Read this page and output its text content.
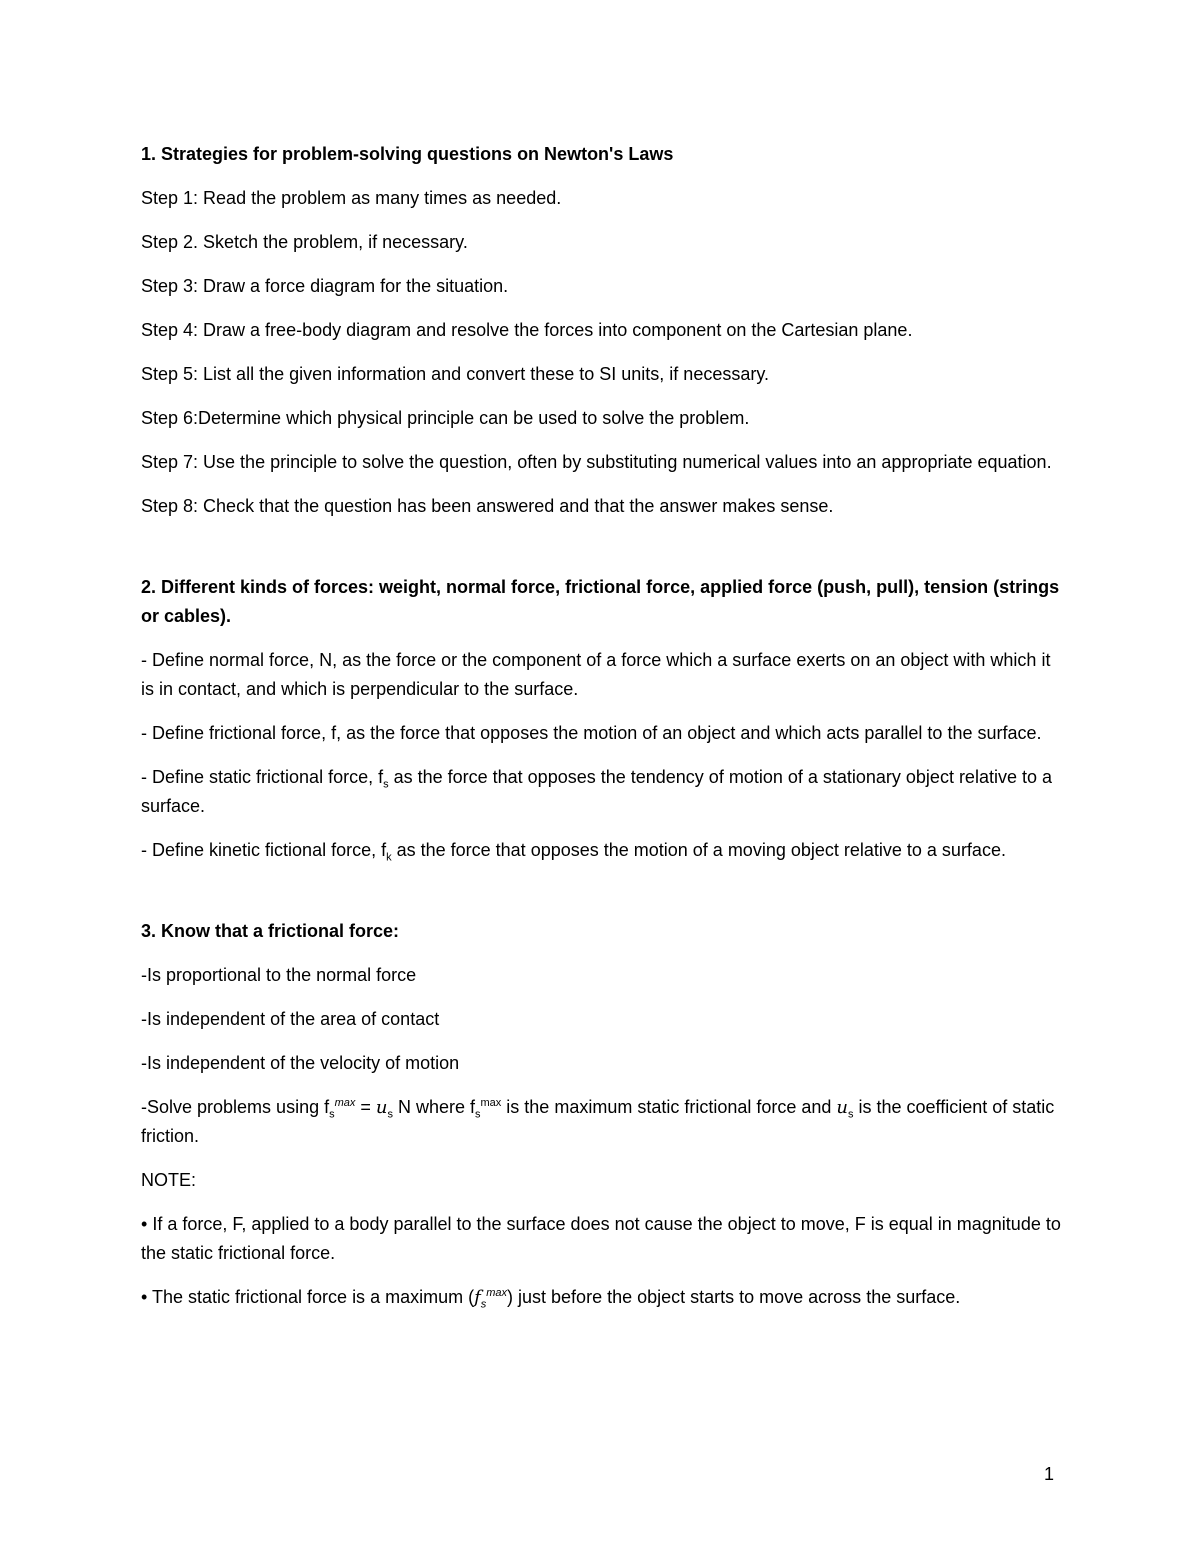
1. Strategies for problem-solving questions on Newton's Laws
Step 1: Read the problem as many times as needed.
Step 2. Sketch the problem, if necessary.
Step 3: Draw a force diagram for the situation.
Step 4: Draw a free-body diagram and resolve the forces into component on the Cartesian plane.
Step 5: List all the given information and convert these to SI units, if necessary.
Step 6:Determine which physical principle can be used to solve the problem.
Step 7: Use the principle to solve the question, often by substituting numerical values into an appropriate equation.
Step 8: Check that the question has been answered and that the answer makes sense.
2. Different kinds of forces: weight, normal force, frictional force, applied force (push, pull), tension (strings or cables).
- Define normal force, N, as the force or the component of a force which a surface exerts on an object with which it is in contact, and which is perpendicular to the surface.
- Define frictional force, f, as the force that opposes the motion of an object and which acts parallel to the surface.
- Define static frictional force, $f_s$ as the force that opposes the tendency of motion of a stationary object relative to a surface.
- Define kinetic fictional force, $f_k$ as the force that opposes the motion of a moving object relative to a surface.
3. Know that a frictional force:
-Is proportional to the normal force
-Is independent of the area of contact
-Is independent of the velocity of motion
-Solve problems using $f_s^{max} = u_s$ N where $f_s^{max}$ is the maximum static frictional force and $u_s$ is the coefficient of static friction.
NOTE:
• If a force, F, applied to a body parallel to the surface does not cause the object to move, F is equal in magnitude to the static frictional force.
• The static frictional force is a maximum $(f_s^{max})$ just before the object starts to move across the surface.
1
